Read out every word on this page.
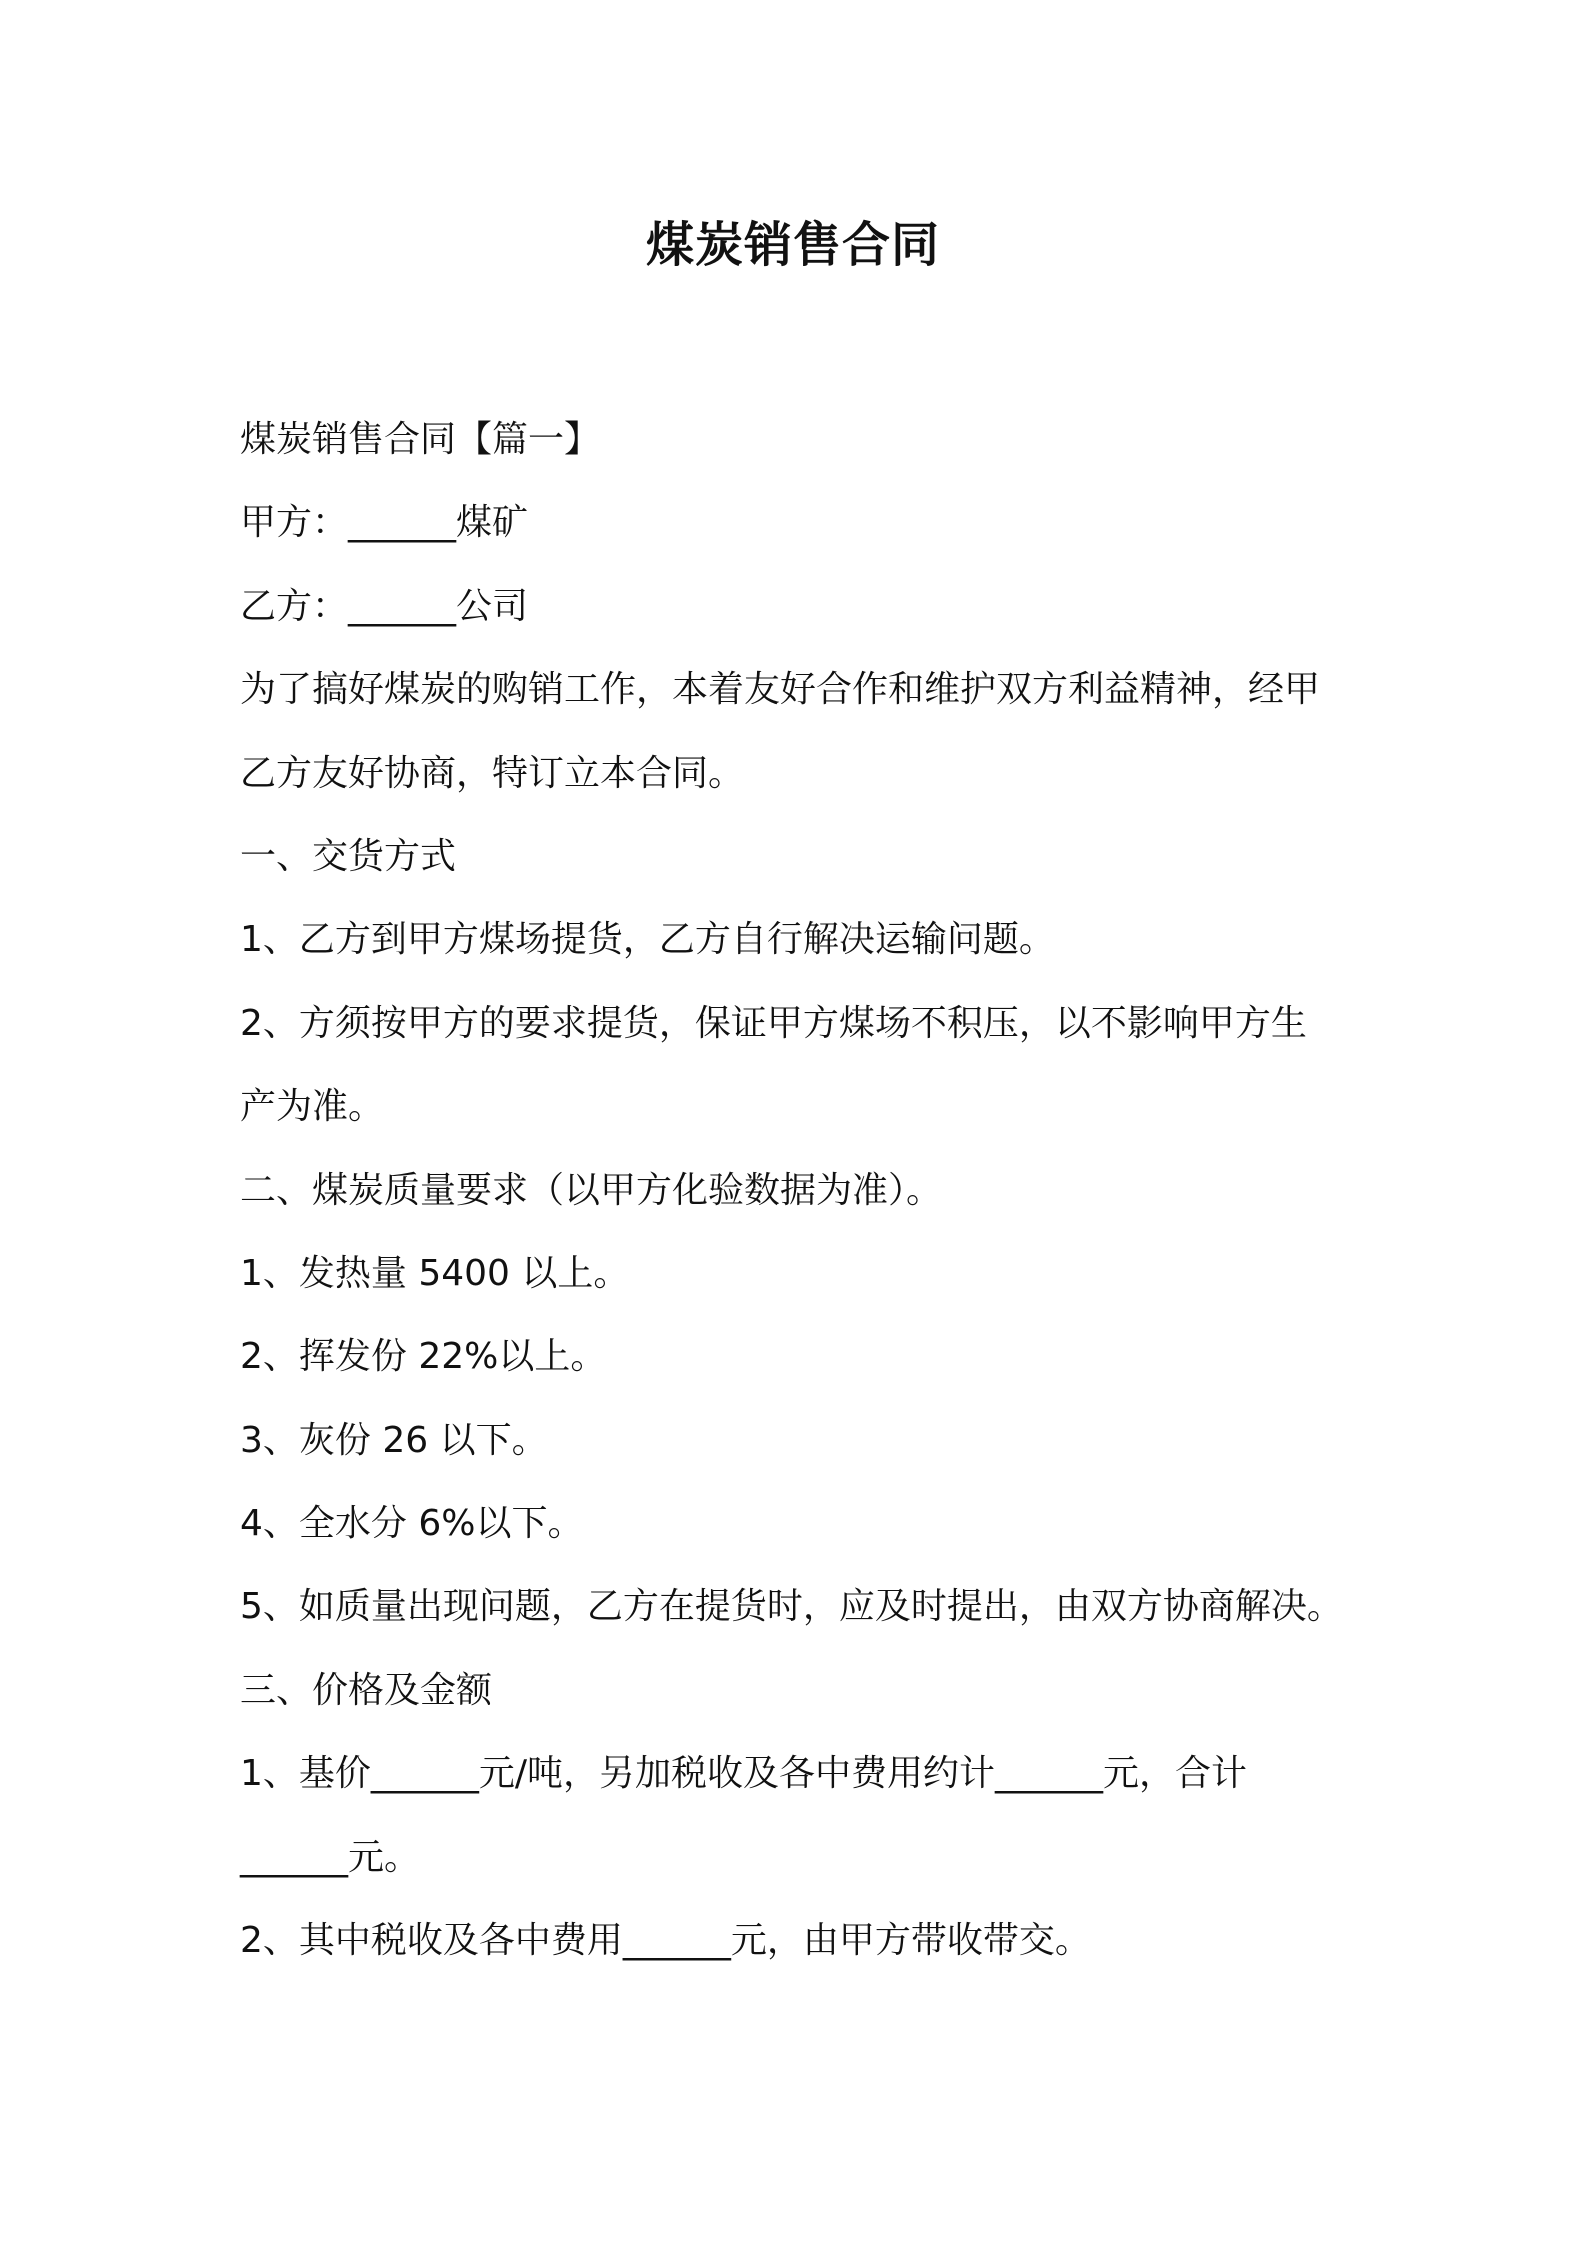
煤炭销售合同
煤炭销售合同【篇一】
甲方：______煤矿
乙方：______公司
为了搞好煤炭的购销工作，本着友好合作和维护双方利益精神，经甲
乙方友好协商，特订立本合同。
一、交货方式
1、乙方到甲方煤场提货，乙方自行解决运输问题。
2、方须按甲方的要求提货，保证甲方煤场不积压，以不影响甲方生
产为准。
二、煤炭质量要求（以甲方化验数据为准）。
1、发热量 5400 以上。
2、挥发份 22%以上。
3、灰份 26 以下。
4、全水分 6%以下。
5、如质量出现问题，乙方在提货时，应及时提出，由双方协商解决。
三、价格及金额
1、基价______元/吨，另加税收及各中费用约计______元，合计
______元。
2、其中税收及各中费用______元，由甲方带收带交。
